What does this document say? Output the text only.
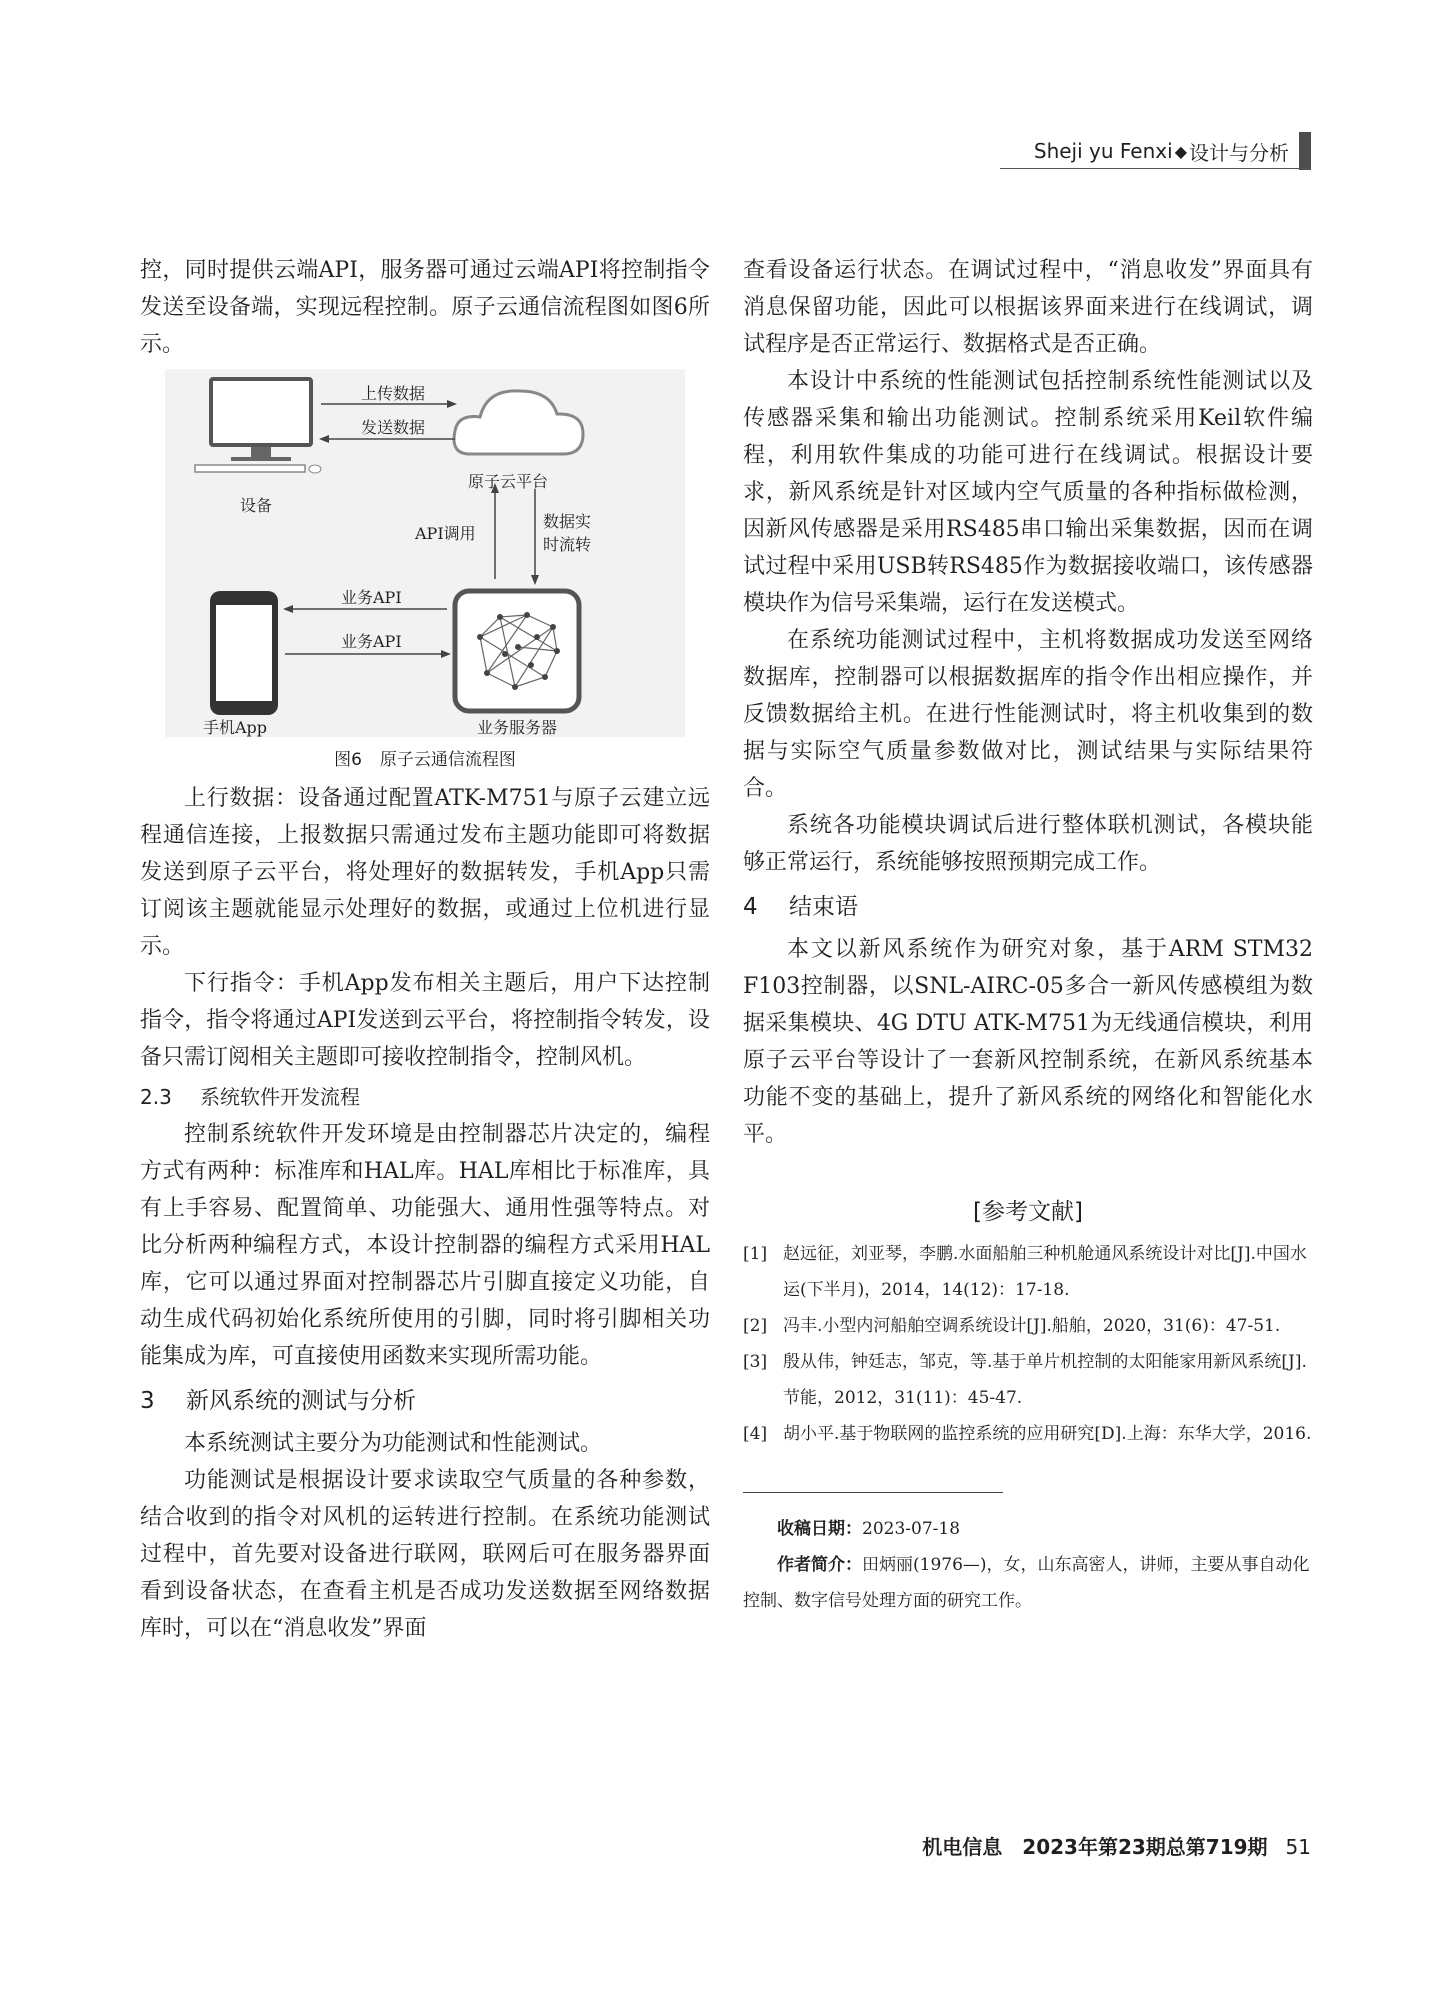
Sheji yu Fenxi ◆ 设计与分析

控，同时提供云端API，服务器可通过云端API将控制指令发送至设备端，实现远程控制。原子云通信流程图如图6所示。

设备
原子云平台
上传数据
发送数据
API调用
数据实
时流转
业务API
业务API
手机App	业务服务器
图6 原子云通信流程图

上行数据：设备通过配置ATK-M751与原子云建立远程通信连接，上报数据只需通过发布主题功能即可将数据发送到原子云平台，将处理好的数据转发，手机App只需订阅该主题就能显示处理好的数据，或通过上位机进行显示。

下行指令：手机App发布相关主题后，用户下达控制指令，指令将通过API发送到云平台，将控制指令转发，设备只需订阅相关主题即可接收控制指令，控制风机。

2.3 系统软件开发流程

控制系统软件开发环境是由控制器芯片决定的，编程方式有两种：标准库和HAL库。HAL库相比于标准库，具有上手容易、配置简单、功能强大、通用性强等特点。对比分析两种编程方式，本设计控制器的编程方式采用HAL库，它可以通过界面对控制器芯片引脚直接定义功能，自动生成代码初始化系统所使用的引脚，同时将引脚相关功能集成为库，可直接使用函数来实现所需功能。

3 新风系统的测试与分析

本系统测试主要分为功能测试和性能测试。

功能测试是根据设计要求读取空气质量的各种参数，结合收到的指令对风机的运转进行控制。在系统功能测试过程中，首先要对设备进行联网，联网后可在服务器界面看到设备状态，在查看主机是否成功发送数据至网络数据库时，可以在“消息收发”界面

查看设备运行状态。在调试过程中，“消息收发”界面具有消息保留功能，因此可以根据该界面来进行在线调试，调试程序是否正常运行、数据格式是否正确。

本设计中系统的性能测试包括控制系统性能测试以及传感器采集和输出功能测试。控制系统采用Keil软件编程，利用软件集成的功能可进行在线调试。根据设计要求，新风系统是针对区域内空气质量的各种指标做检测，因新风传感器是采用RS485串口输出采集数据，因而在调试过程中采用USB转RS485作为数据接收端口，该传感器模块作为信号采集端，运行在发送模式。

在系统功能测试过程中，主机将数据成功发送至网络数据库，控制器可以根据数据库的指令作出相应操作，并反馈数据给主机。在进行性能测试时，将主机收集到的数据与实际空气质量参数做对比，测试结果与实际结果符合。

系统各功能模块调试后进行整体联机测试，各模块能够正常运行，系统能够按照预期完成工作。

4 结束语

本文以新风系统作为研究对象，基于ARM STM32 F103控制器，以SNL-AIRC-05多合一新风传感模组为数据采集模块、4G DTU ATK-M751为无线通信模块，利用原子云平台等设计了一套新风控制系统，在新风系统基本功能不变的基础上，提升了新风系统的网络化和智能化水平。

[参考文献]
[1] 赵远征，刘亚琴，李鹏.水面船舶三种机舱通风系统设计对比[J].中国水运(下半月)，2014，14(12)：17-18.
[2] 冯丰.小型内河船舶空调系统设计[J].船舶，2020，31(6)：47-51.
[3] 殷从伟，钟廷志，邹克，等.基于单片机控制的太阳能家用新风系统[J].节能，2012，31(11)：45-47.
[4] 胡小平.基于物联网的监控系统的应用研究[D].上海：东华大学，2016.

收稿日期：2023-07-18

作者简介：田炳丽(1976—)，女，山东高密人，讲师，主要从事自动化控制、数字信号处理方面的研究工作。

机电信息　2023年第23期总第719期 51
